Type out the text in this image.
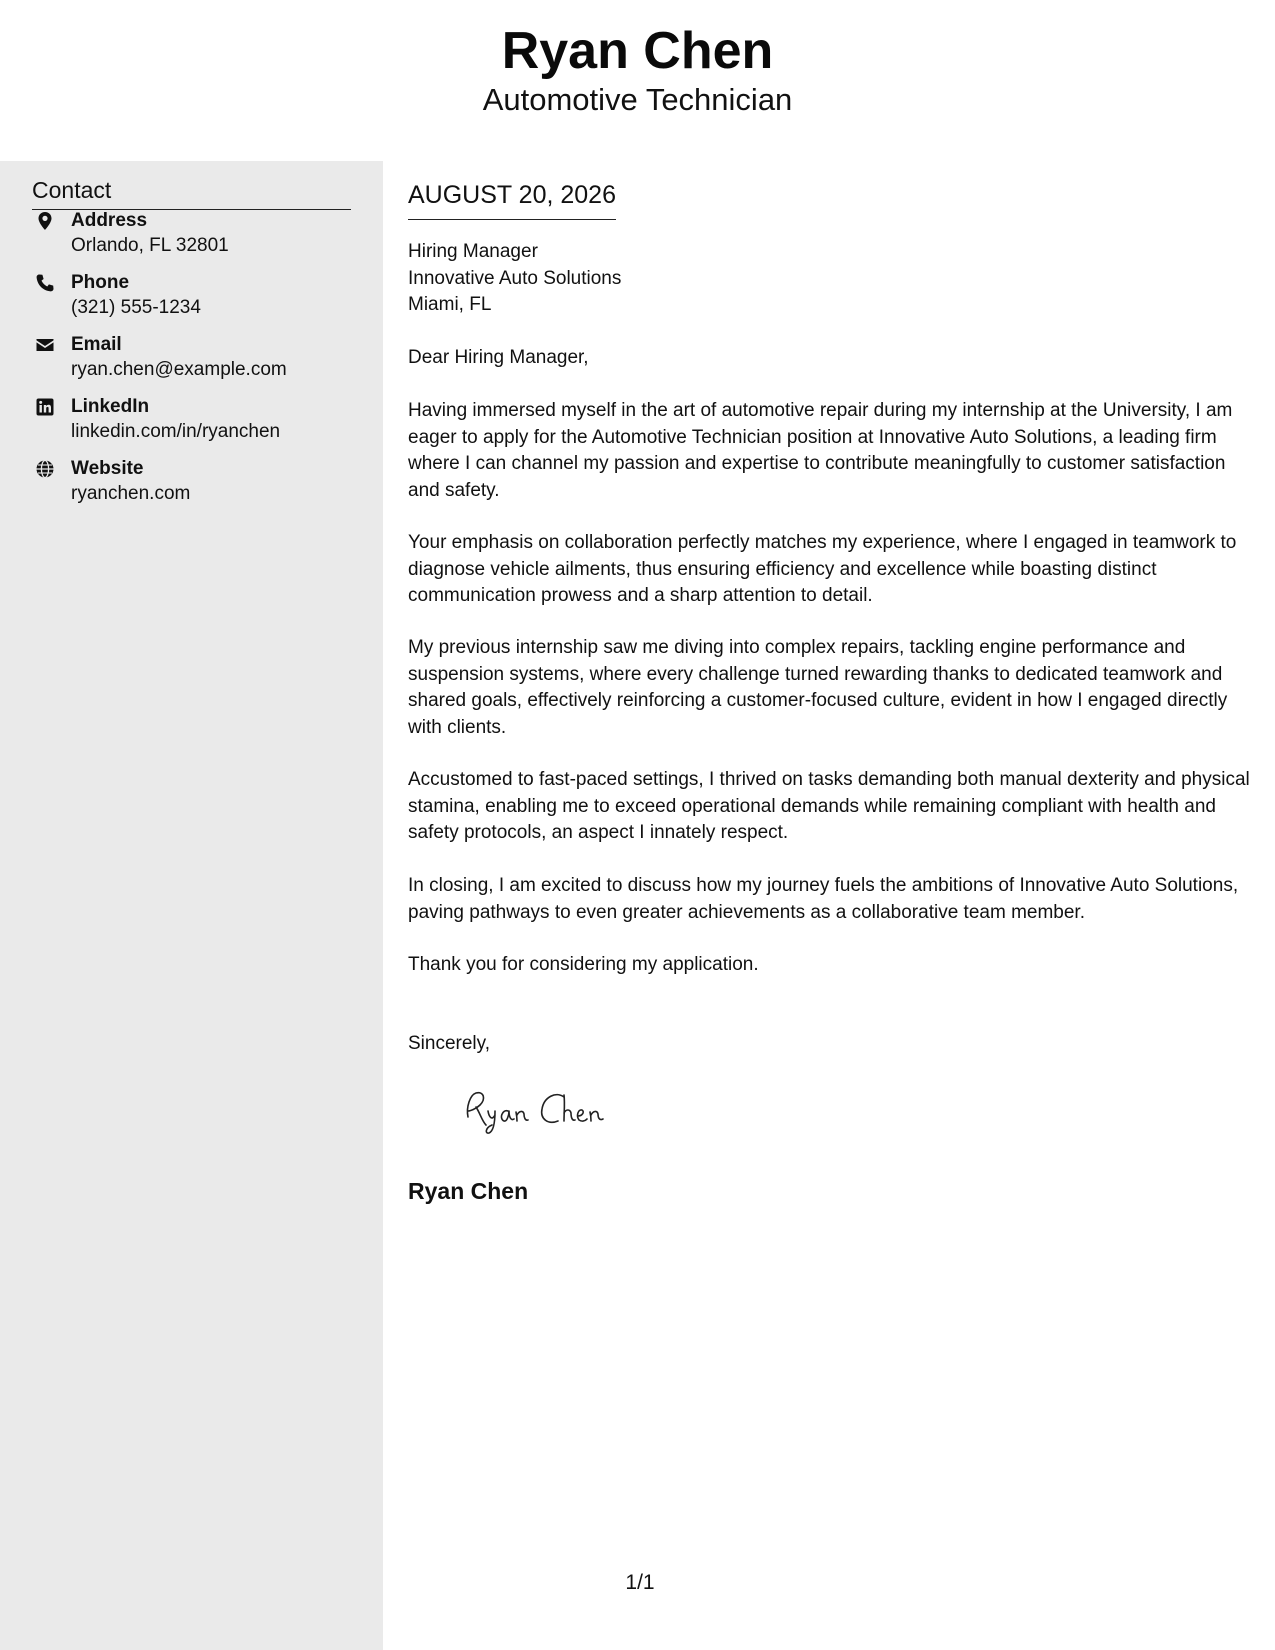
Ryan Chen
Automotive Technician
Contact
Address
Orlando, FL 32801
Phone
(321) 555-1234
Email
ryan.chen@example.com
LinkedIn
linkedin.com/in/ryanchen
Website
ryanchen.com
AUGUST 20, 2026
Hiring Manager
Innovative Auto Solutions
Miami, FL
Dear Hiring Manager,

Having immersed myself in the art of automotive repair during my internship at the University, I am eager to apply for the Automotive Technician position at Innovative Auto Solutions, a leading firm where I can channel my passion and expertise to contribute meaningfully to customer satisfaction and safety.

Your emphasis on collaboration perfectly matches my experience, where I engaged in teamwork to diagnose vehicle ailments, thus ensuring efficiency and excellence while boasting distinct communication prowess and a sharp attention to detail.

My previous internship saw me diving into complex repairs, tackling engine performance and suspension systems, where every challenge turned rewarding thanks to dedicated teamwork and shared goals, effectively reinforcing a customer-focused culture, evident in how I engaged directly with clients.

Accustomed to fast-paced settings, I thrived on tasks demanding both manual dexterity and physical stamina, enabling me to exceed operational demands while remaining compliant with health and safety protocols, an aspect I innately respect.

In closing, I am excited to discuss how my journey fuels the ambitions of Innovative Auto Solutions, paving pathways to even greater achievements as a collaborative team member.

Thank you for considering my application.

Sincerely,
Ryan Chen
1/1
